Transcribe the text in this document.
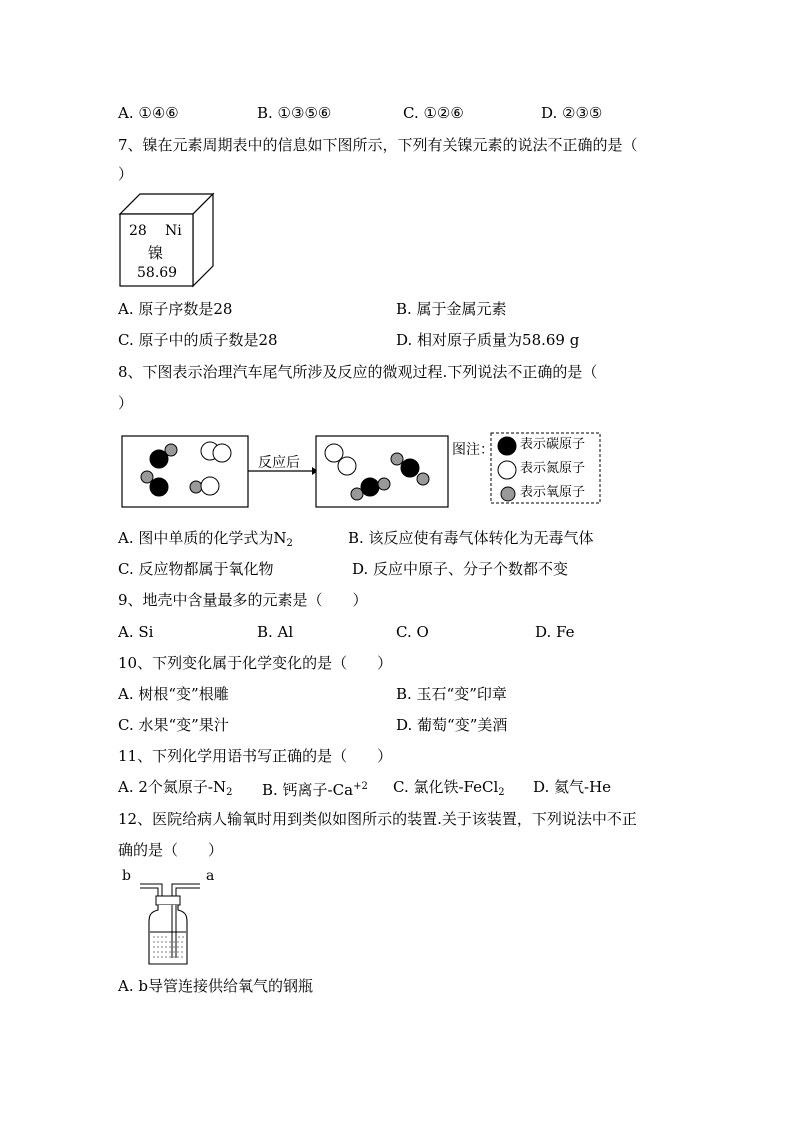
A. ①④⑥	B. ①③⑤⑥	C. ①②⑥	D. ②③⑤
7、镍在元素周期表中的信息如下图所示，下列有关镍元素的说法不正确的是（
）
28 Ni
镍
58.69
A. 原子序数是28	B. 属于金属元素
C. 原子中的质子数是28	D. 相对原子质量为58.69 g
8、下图表示治理汽车尾气所涉及反应的微观过程.下列说法不正确的是（
）
反应后
图注： 表示碳原子
表示氮原子
表示氧原子
A. 图中单质的化学式为$N_2$	B. 该反应使有毒气体转化为无毒气体
C. 反应物都属于氧化物	D. 反应中原子、分子个数都不变
9、地壳中含量最多的元素是（　　）
A. Si	B. Al	C. O	D. Fe
10、下列变化属于化学变化的是（　　）
A. 树根“变”根雕	B. 玉石“变”印章
C. 水果“变”果汁	D. 葡萄“变”美酒
11、下列化学用语书写正确的是（　　）
A. 2个氮原子$-N_2$ B. 钙离子$-Ca^{+2}$ C. 氯化铁-FeCl$_2$ D. 氦气-He
12、医院给病人输氧时用到类似如图所示的装置.关于该装置，下列说法中不正
确的是（　　）
b	a
A. b导管连接供给氧气的钢瓶
